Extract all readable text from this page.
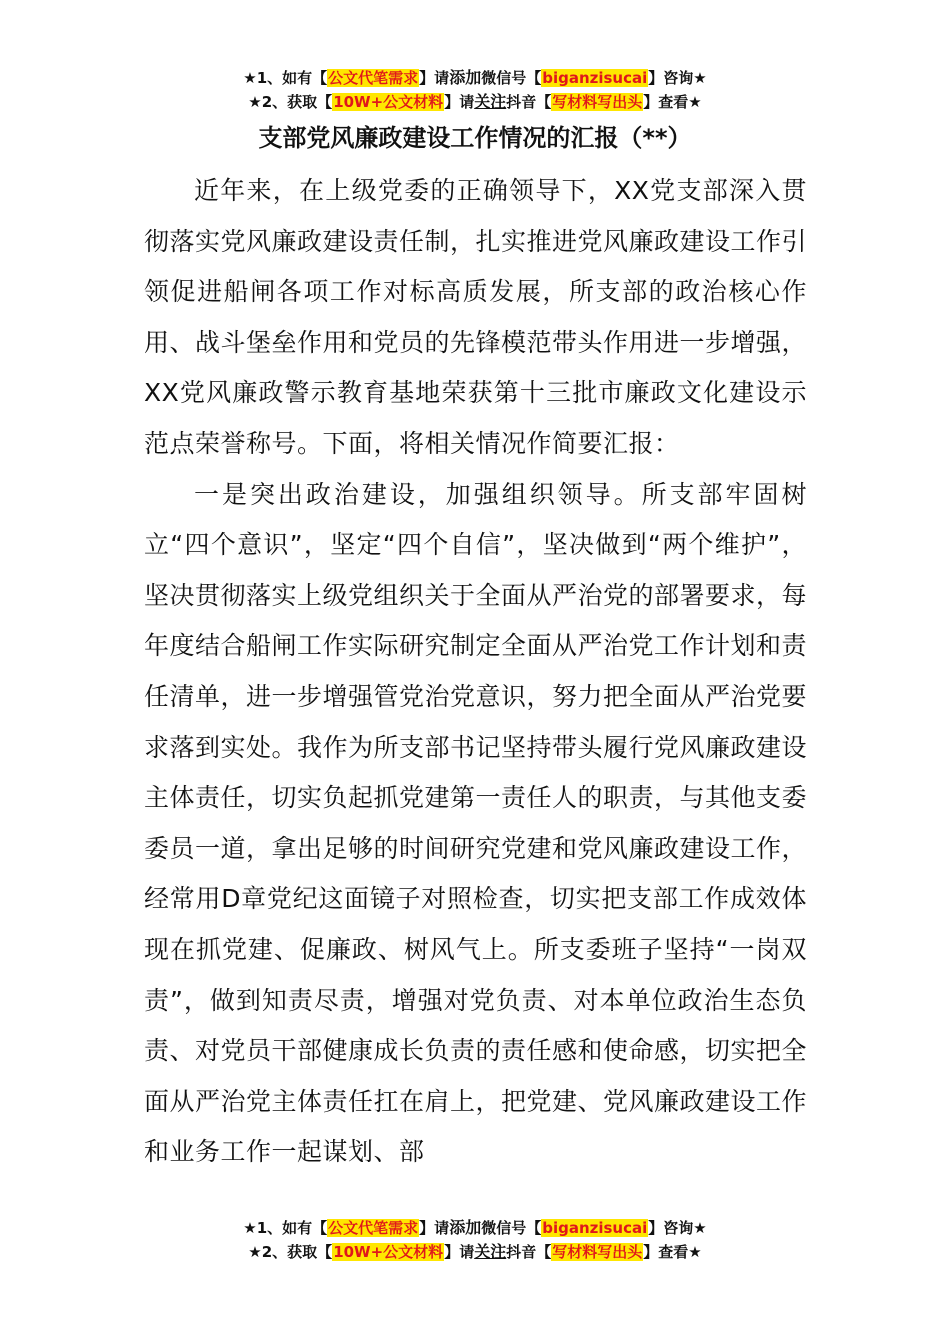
★1、如有【公文代笔需求】请添加微信号【biganzisucai】咨询★
★2、获取【10W+公文材料】请关注抖音【写材料写出头】查看★
支部党风廉政建设工作情况的汇报（**）

近年来，在上级党委的正确领导下，XX党支部深入贯彻落实党风廉政建设责任制，扎实推进党风廉政建设工作引领促进船闸各项工作对标高质发展，所支部的政治核心作用、战斗堡垒作用和党员的先锋模范带头作用进一步增强，XX党风廉政警示教育基地荣获第十三批市廉政文化建设示范点荣誉称号。下面，将相关情况作简要汇报：

一是突出政治建设，加强组织领导。所支部牢固树立“四个意识”，坚定“四个自信”，坚决做到“两个维护”，坚决贯彻落实上级党组织关于全面从严治党的部署要求，每年度结合船闸工作实际研究制定全面从严治党工作计划和责任清单，进一步增强管党治党意识，努力把全面从严治党要求落到实处。我作为所支部书记坚持带头履行党风廉政建设主体责任，切实负起抓党建第一责任人的职责，与其他支委委员一道，拿出足够的时间研究党建和党风廉政建设工作，经常用D章党纪这面镜子对照检查，切实把支部工作成效体现在抓党建、促廉政、树风气上。所支委班子坚持“一岗双责”，做到知责尽责，增强对党负责、对本单位政治生态负责、对党员干部健康成长负责的责任感和使命感，切实把全面从严治党主体责任扛在肩上，把党建、党风廉政建设工作和业务工作一起谋划、部

★1、如有【公文代笔需求】请添加微信号【biganzisucai】咨询★
★2、获取【10W+公文材料】请关注抖音【写材料写出头】查看★
